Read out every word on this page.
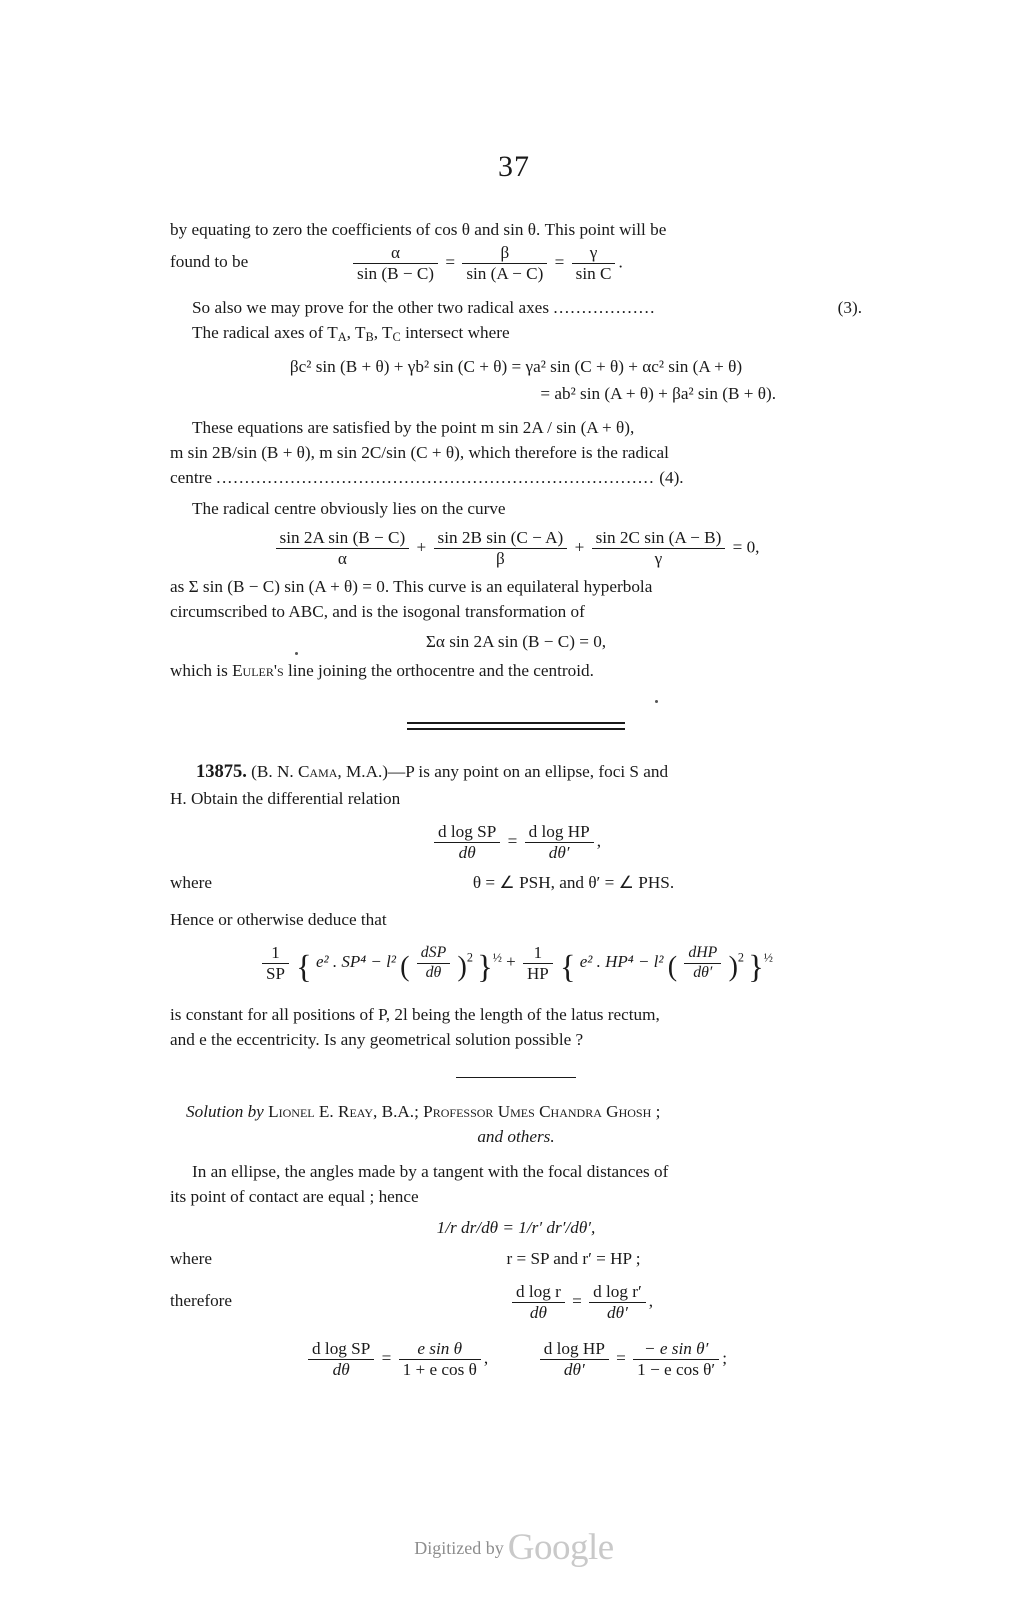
37

by equating to zero the coefficients of cos θ and sin θ. This point will be

found to be	$\frac{\alpha}{\sin (B - C)} = \frac{\beta}{\sin (A - C)} = \frac{\gamma}{\text{sin C}}$ .

So also we may prove for the other two radical axes ..................	(3).

The radical axes of $T_A$, $T_B$, $T_C$ intersect where

βc² sin (B + θ) + γb² sin (C + θ) = γa² sin (C + θ) + αc² sin (A + θ)

= ab² sin (A + θ) + βa² sin (B + θ).

These equations are satisfied by the point m sin 2A / sin (A + θ),

m sin 2B/sin (B + θ), m sin 2C/sin (C + θ), which therefore is the radical

centre ............................................................................. (4).

The radical centre obviously lies on the curve

$\frac{\text{sin 2A sin (B − C)}}{\alpha} + \frac{\text{sin 2B sin (C − A)}}{\beta} + \frac{\text{sin 2C sin (A − B)}}{\gamma} = 0$,

as Σ sin (B − C) sin (A + θ) = 0. This curve is an equilateral hyperbola

circumscribed to ABC, and is the isogonal transformation of

Σα sin 2A sin (B − C) = 0,

which is Euler's line joining the orthocentre and the centroid.

13875. (B. N. Cama, M.A.)—P is any point on an ellipse, foci S and

H. Obtain the differential relation

$\frac{\text{d log SP}}{d\theta} = \frac{\text{d log HP}}{d\theta'}$ ,
where	θ = ∠ PSH, and θ′ = ∠ PHS.

Hence or otherwise deduce that

$\frac{1}{SP}$ { e² . SP⁴ − l² ( $\frac{\text{dSP}}{d\theta} )^2$ }$^{\frac{1}{2}} + \frac{1}{HP}$ { e² . HP⁴ − l² ( $\frac{\text{dHP}}{d\theta'} )^2$ }$^{\frac{1}{2}}$

is constant for all positions of P, 2l being the length of the latus rectum,

and e the eccentricity. Is any geometrical solution possible ?

Solution by Lionel E. Reay, B.A.; Professor Umes Chandra Ghosh ;

and others.

In an ellipse, the angles made by a tangent with the focal distances of

its point of contact are equal ; hence

1/r dr/dθ = 1/r′ dr′/dθ′,

where	r = SP and r′ = HP ;
therefore	$\frac{\text{d log r}}{d\theta} = \frac{\text{d log r′}}{d\theta'}$ ,
$\frac{\text{d log SP}}{d\theta} = \frac{\text{e sin θ}}{\text{1 + e cos θ}}$ ,	$\frac{\text{d log HP}}{d\theta'} = \frac{\text{− e sin θ′}}{\text{1 − e cos θ′}}$ ;
Digitized by Google
